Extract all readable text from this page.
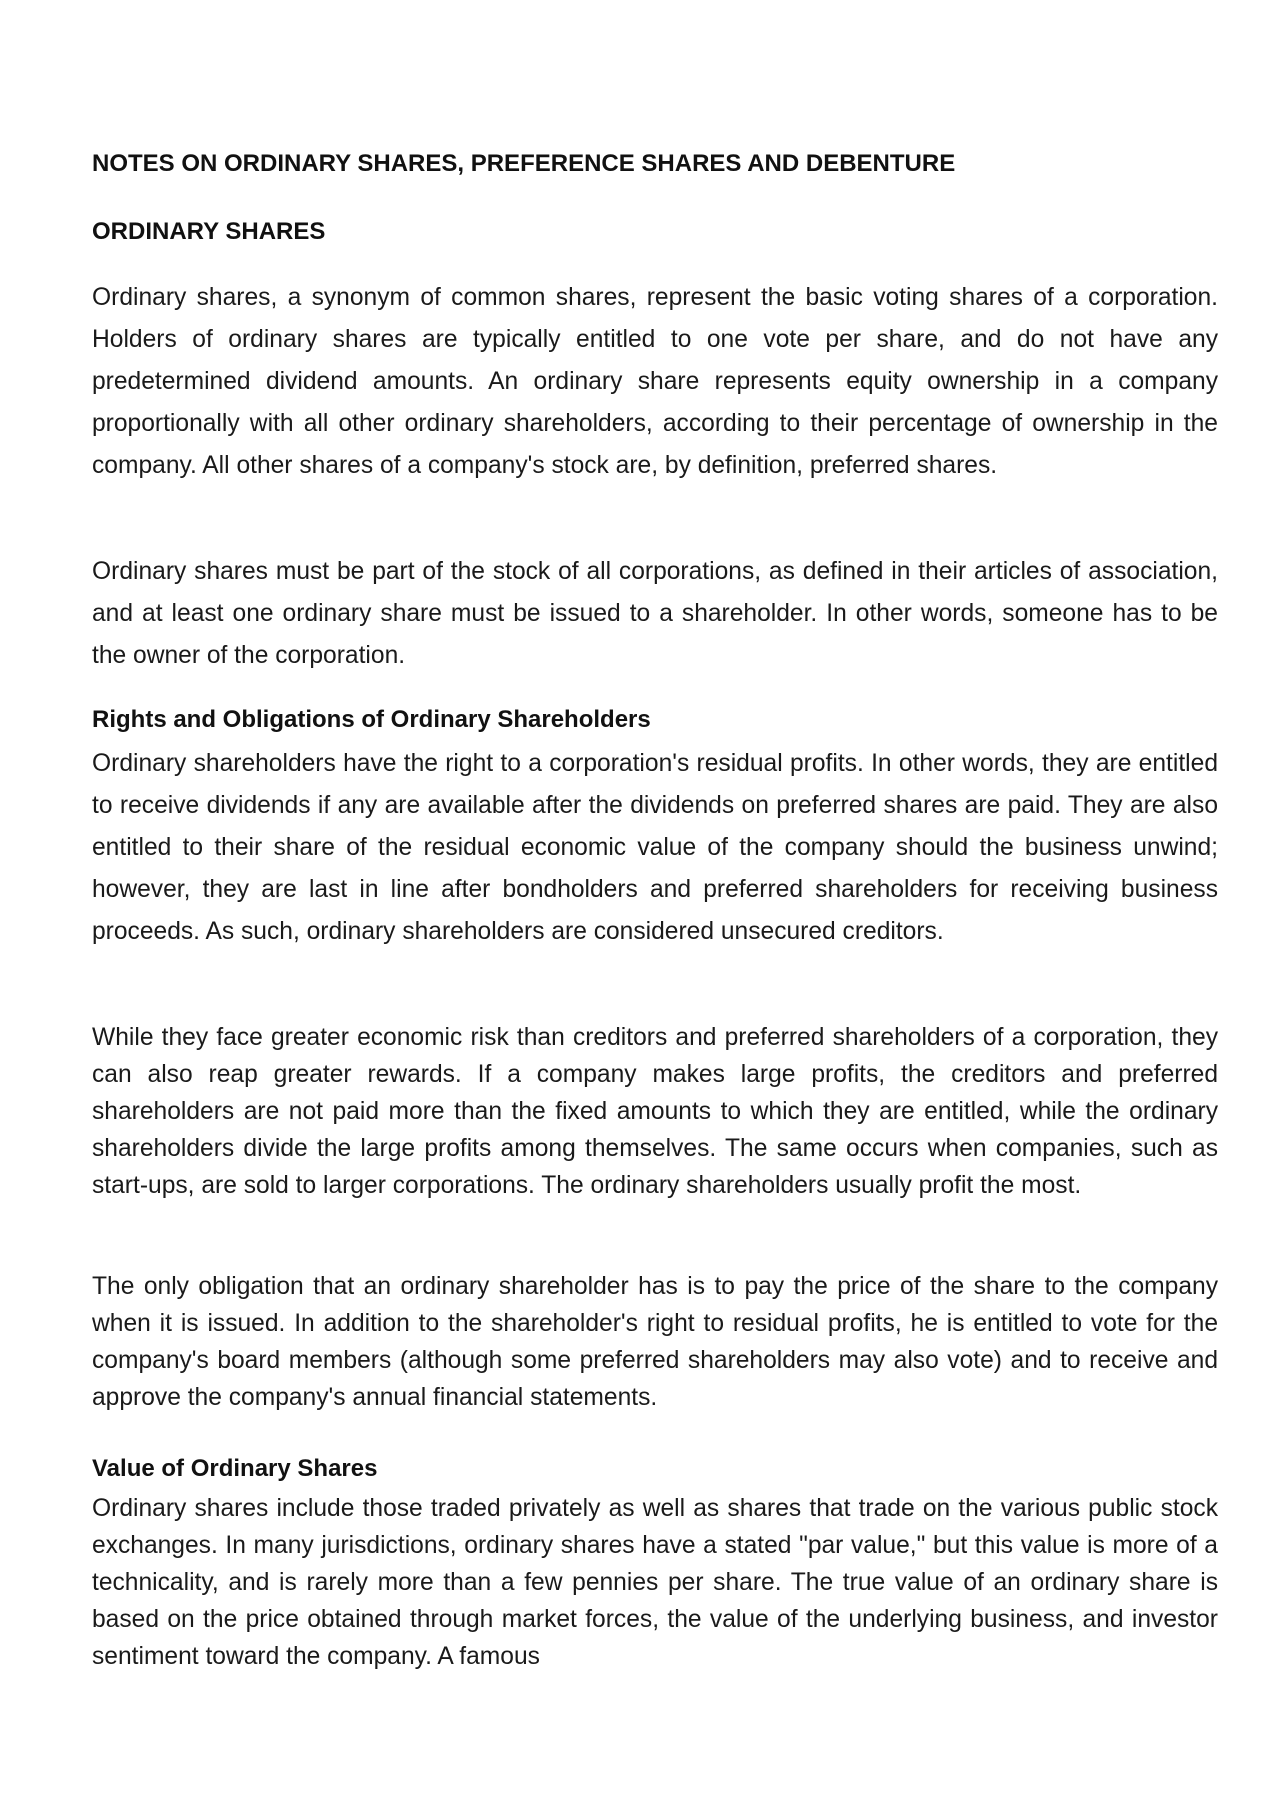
NOTES ON ORDINARY SHARES, PREFERENCE SHARES AND DEBENTURE
ORDINARY SHARES

Ordinary shares, a synonym of common shares, represent the basic voting shares of a corporation. Holders of ordinary shares are typically entitled to one vote per share, and do not have any predetermined dividend amounts. An ordinary share represents equity ownership in a company proportionally with all other ordinary shareholders, according to their percentage of ownership in the company. All other shares of a company's stock are, by definition, preferred shares.

Ordinary shares must be part of the stock of all corporations, as defined in their articles of association, and at least one ordinary share must be issued to a shareholder. In other words, someone has to be the owner of the corporation.

Rights and Obligations of Ordinary Shareholders

Ordinary shareholders have the right to a corporation's residual profits. In other words, they are entitled to receive dividends if any are available after the dividends on preferred shares are paid. They are also entitled to their share of the residual economic value of the company should the business unwind; however, they are last in line after bondholders and preferred shareholders for receiving business proceeds. As such, ordinary shareholders are considered unsecured creditors.

While they face greater economic risk than creditors and preferred shareholders of a corporation, they can also reap greater rewards. If a company makes large profits, the creditors and preferred shareholders are not paid more than the fixed amounts to which they are entitled, while the ordinary shareholders divide the large profits among themselves. The same occurs when companies, such as start-ups, are sold to larger corporations. The ordinary shareholders usually profit the most.

The only obligation that an ordinary shareholder has is to pay the price of the share to the company when it is issued. In addition to the shareholder's right to residual profits, he is entitled to vote for the company's board members (although some preferred shareholders may also vote) and to receive and approve the company's annual financial statements.

Value of Ordinary Shares

Ordinary shares include those traded privately as well as shares that trade on the various public stock exchanges. In many jurisdictions, ordinary shares have a stated "par value," but this value is more of a technicality, and is rarely more than a few pennies per share. The true value of an ordinary share is based on the price obtained through market forces, the value of the underlying business, and investor sentiment toward the company. A famous
